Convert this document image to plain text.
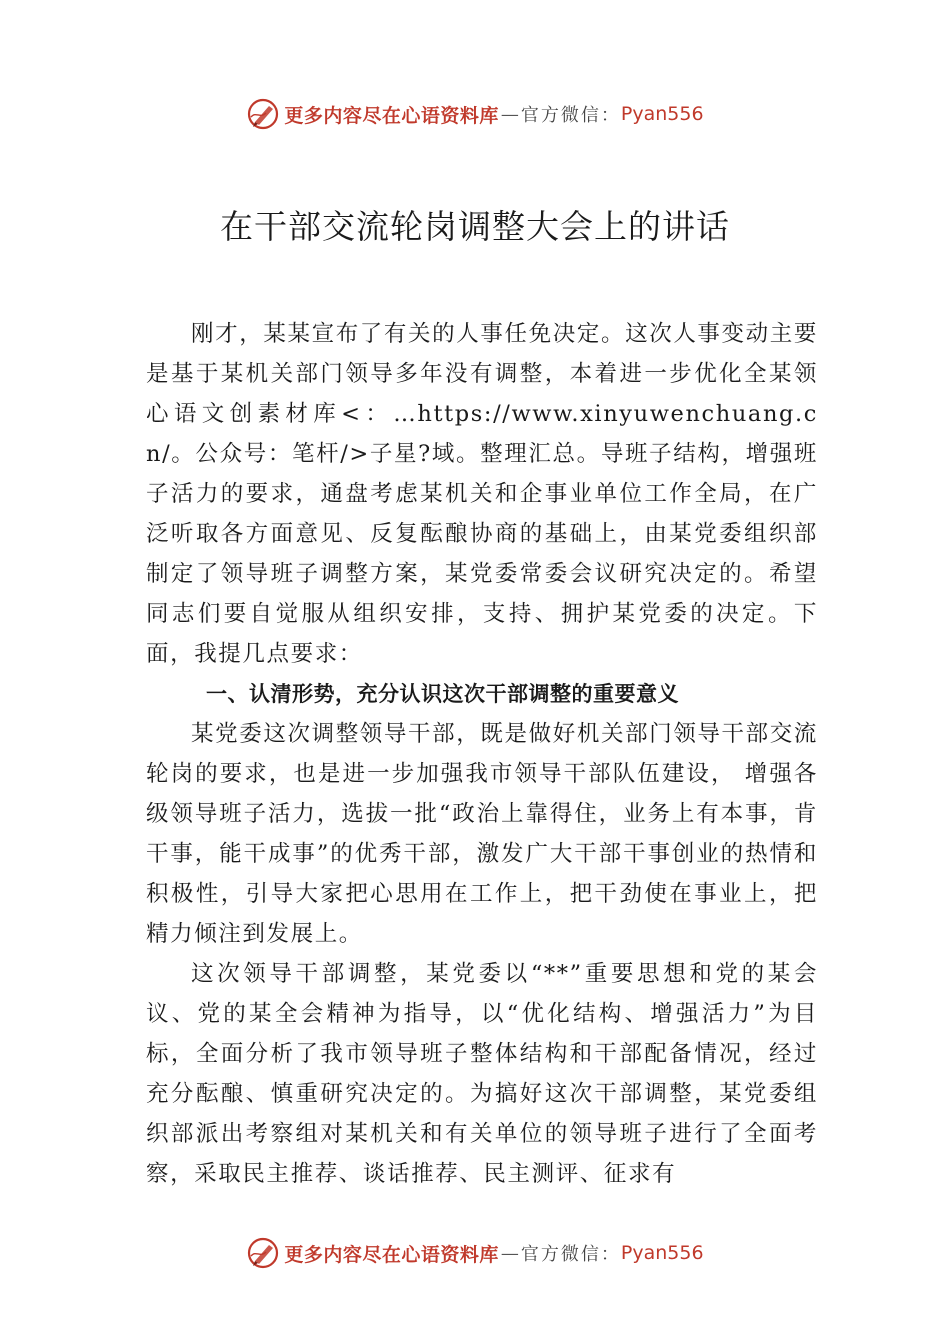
更多内容尽在心语资料库 — 官方微信： Pyan556
在干部交流轮岗调整大会上的讲话

刚才，某某宣布了有关的人事任免决定。这次人事变动主要是基于某机关部门领导多年没有调整，本着进一步优化全某领心语文创素材库<：…https://www.xinyuwenchuang.cn/。公众号：笔杆/>子星?域。整理汇总。导班子结构，增强班子活力的要求，通盘考虑某机关和企事业单位工作全局，在广泛听取各方面意见、反复酝酿协商的基础上，由某党委组织部制定了领导班子调整方案，某党委常委会议研究决定的。希望同志们要自觉服从组织安排，支持、拥护某党委的决定。下面，我提几点要求：

一、认清形势，充分认识这次干部调整的重要意义

某党委这次调整领导干部，既是做好机关部门领导干部交流轮岗的要求，也是进一步加强我市领导干部队伍建设， 增强各级领导班子活力，选拔一批“政治上靠得住，业务上有本事，肯干事，能干成事”的优秀干部，激发广大干部干事创业的热情和积极性，引导大家把心思用在工作上，把干劲使在事业上，把精力倾注到发展上。

这次领导干部调整，某党委以“**”重要思想和党的某会议、党的某全会精神为指导，以“优化结构、增强活力”为目标，全面分析了我市领导班子整体结构和干部配备情况，经过充分酝酿、慎重研究决定的。为搞好这次干部调整，某党委组织部派出考察组对某机关和有关单位的领导班子进行了全面考察，采取民主推荐、谈话推荐、民主测评、征求有

更多内容尽在心语资料库 — 官方微信： Pyan556
